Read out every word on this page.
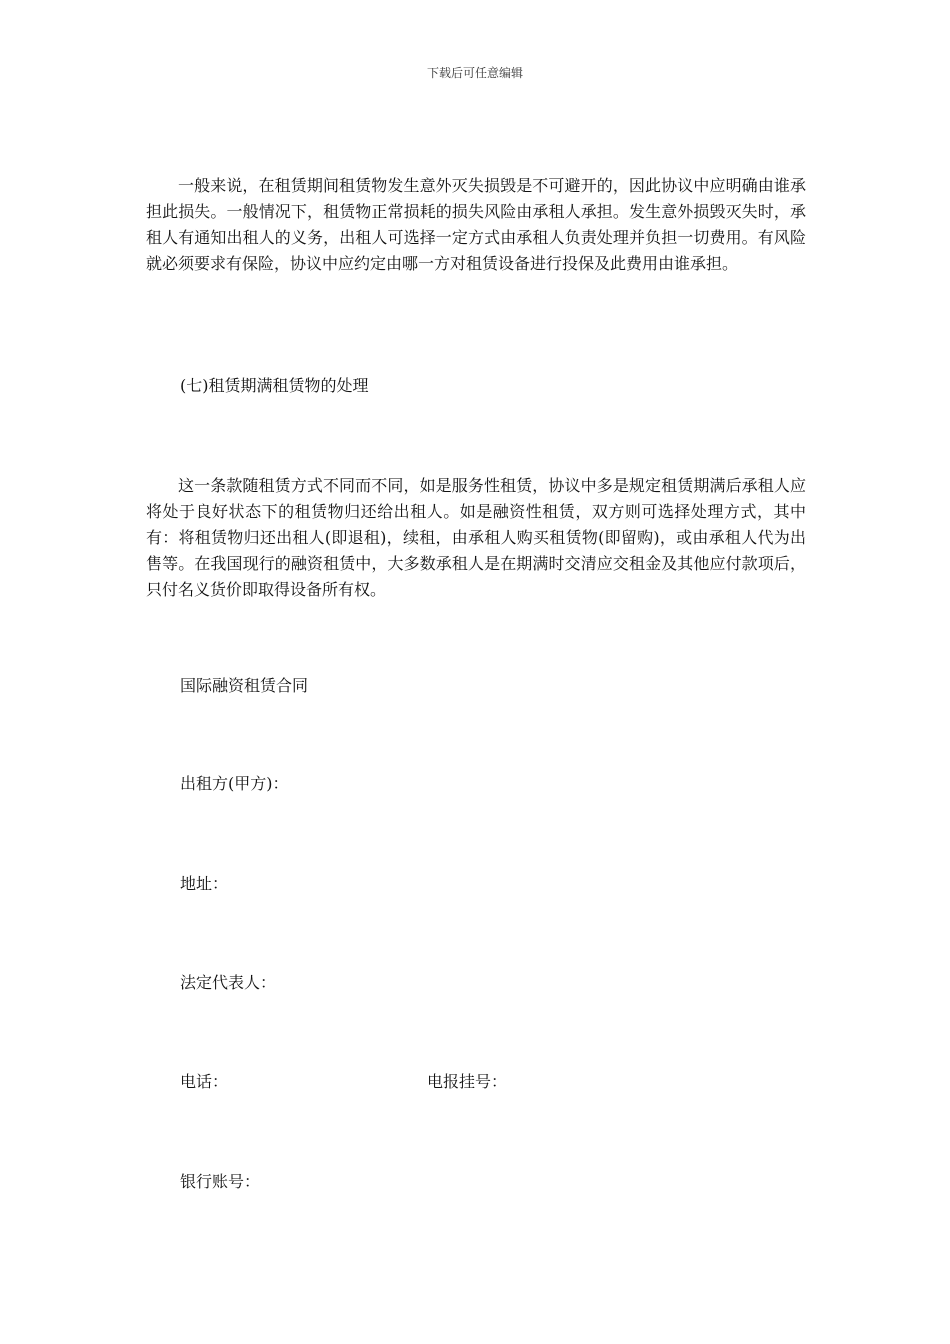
下载后可任意编辑

一般来说，在租赁期间租赁物发生意外灭失损毁是不可避开的，因此协议中应明确由谁承担此损失。一般情况下，租赁物正常损耗的损失风险由承租人承担。发生意外损毁灭失时，承租人有通知出租人的义务，出租人可选择一定方式由承租人负责处理并负担一切费用。有风险就必须要求有保险，协议中应约定由哪一方对租赁设备进行投保及此费用由谁承担。

(七)租赁期满租赁物的处理

这一条款随租赁方式不同而不同，如是服务性租赁，协议中多是规定租赁期满后承租人应将处于良好状态下的租赁物归还给出租人。如是融资性租赁，双方则可选择处理方式，其中有：将租赁物归还出租人(即退租)，续租，由承租人购买租赁物(即留购)，或由承租人代为出售等。在我国现行的融资租赁中，大多数承租人是在期满时交清应交租金及其他应付款项后，只付名义货价即取得设备所有权。

国际融资租赁合同

出租方(甲方)：

地址：

法定代表人：

电话：	电报挂号：

银行账号：
